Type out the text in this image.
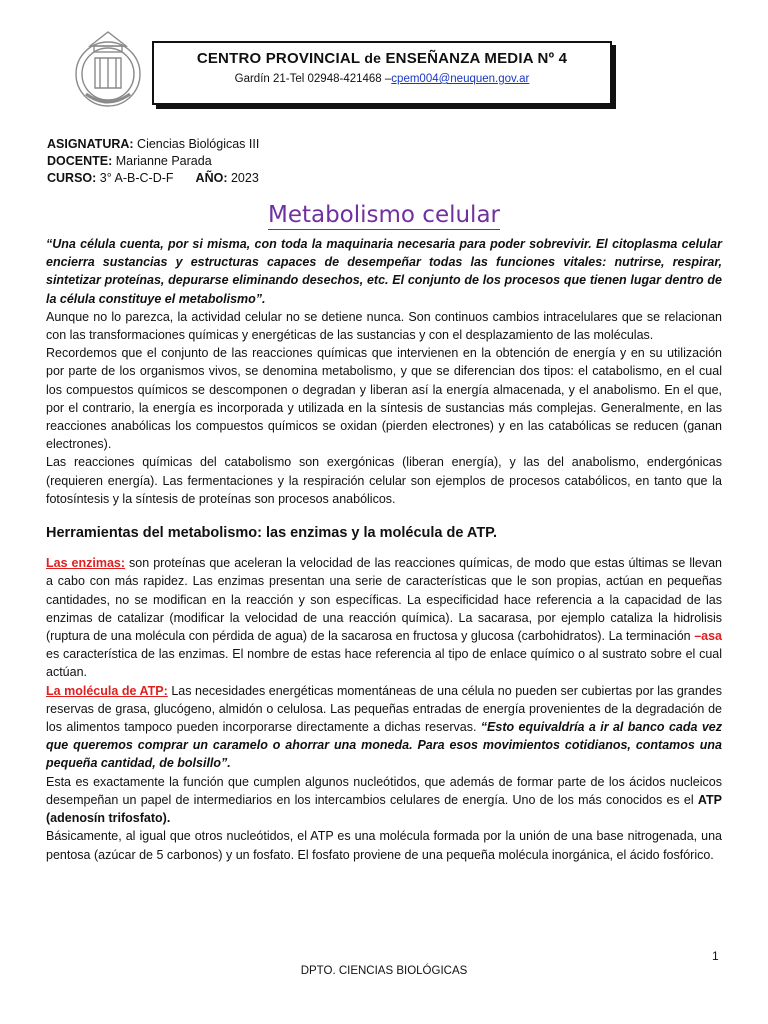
CENTRO PROVINCIAL de ENSEÑANZA MEDIA Nº 4
Gardín 21-Tel 02948-421468 –cpem004@neuquen.gov.ar
ASIGNATURA: Ciencias Biológicas III
DOCENTE: Marianne Parada
CURSO: 3° A-B-C-D-F AÑO: 2023
Metabolismo celular

“Una célula cuenta, por si misma, con toda la maquinaria necesaria para poder sobrevivir. El citoplasma celular encierra sustancias y estructuras capaces de desempeñar todas las funciones vitales: nutrirse, respirar, sintetizar proteínas, depurarse eliminando desechos, etc. El conjunto de los procesos que tienen lugar dentro de la célula constituye el metabolismo”.

Aunque no lo parezca, la actividad celular no se detiene nunca. Son continuos cambios intracelulares que se relacionan con las transformaciones químicas y energéticas de las sustancias y con el desplazamiento de las moléculas.

Recordemos que el conjunto de las reacciones químicas que intervienen en la obtención de energía y en su utilización por parte de los organismos vivos, se denomina metabolismo, y que se diferencian dos tipos: el catabolismo, en el cual los compuestos químicos se descomponen o degradan y liberan así la energía almacenada, y el anabolismo. En el que, por el contrario, la energía es incorporada y utilizada en la síntesis de sustancias más complejas. Generalmente, en las reacciones anabólicas los compuestos químicos se oxidan (pierden electrones) y en las catabólicas se reducen (ganan electrones).

Las reacciones químicas del catabolismo son exergónicas (liberan energía), y las del anabolismo, endergónicas (requieren energía). Las fermentaciones y la respiración celular son ejemplos de procesos catabólicos, en tanto que la fotosíntesis y la síntesis de proteínas son procesos anabólicos.

Herramientas del metabolismo: las enzimas y la molécula de ATP.

Las enzimas: son proteínas que aceleran la velocidad de las reacciones químicas, de modo que estas últimas se llevan a cabo con más rapidez. Las enzimas presentan una serie de características que le son propias, actúan en pequeñas cantidades, no se modifican en la reacción y son específicas. La especificidad hace referencia a la capacidad de las enzimas de catalizar (modificar la velocidad de una reacción química). La sacarasa, por ejemplo cataliza la hidrolisis (ruptura de una molécula con pérdida de agua) de la sacarosa en fructosa y glucosa (carbohidratos). La terminación –asa es característica de las enzimas. El nombre de estas hace referencia al tipo de enlace químico o al sustrato sobre el cual actúan.

La molécula de ATP: Las necesidades energéticas momentáneas de una célula no pueden ser cubiertas por las grandes reservas de grasa, glucógeno, almidón o celulosa. Las pequeñas entradas de energía provenientes de la degradación de los alimentos tampoco pueden incorporarse directamente a dichas reservas. “Esto equivaldría a ir al banco cada vez que queremos comprar un caramelo o ahorrar una moneda. Para esos movimientos cotidianos, contamos una pequeña cantidad, de bolsillo”.

Esta es exactamente la función que cumplen algunos nucleótidos, que además de formar parte de los ácidos nucleicos desempeñan un papel de intermediarios en los intercambios celulares de energía. Uno de los más conocidos es el ATP (adenosín trifosfato).

Básicamente, al igual que otros nucleótidos, el ATP es una molécula formada por la unión de una base nitrogenada, una pentosa (azúcar de 5 carbonos) y un fosfato. El fosfato proviene de una pequeña molécula inorgánica, el ácido fosfórico.

1
DPTO. CIENCIAS BIOLÓGICAS
